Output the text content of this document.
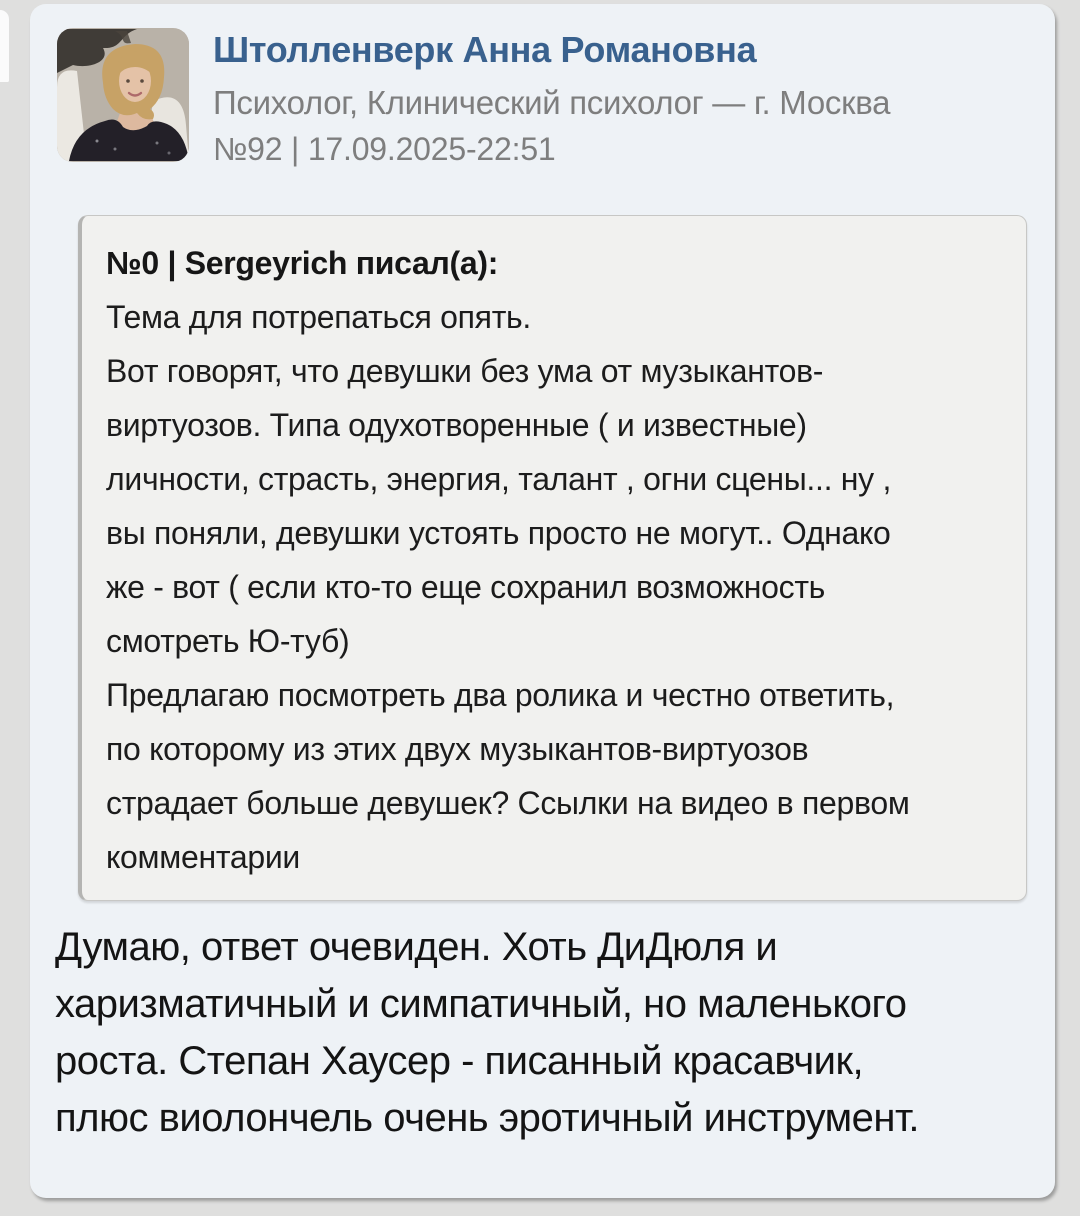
Штолленверк Анна Романовна
Психолог, Клинический психолог — г. Москва
№92 | 17.09.2025-22:51
№0 | Sergeyrich писал(а):
Тема для потрепаться опять.
Вот говорят, что девушки без ума от музыкантов-
виртуозов. Типа одухотворенные ( и известные)
личности, страсть, энергия, талант , огни сцены... ну ,
вы поняли, девушки устоять просто не могут.. Однако
же - вот ( если кто-то еще сохранил возможность
смотреть Ю-туб)
Предлагаю посмотреть два ролика и честно ответить,
по которому из этих двух музыкантов-виртуозов
страдает больше девушек? Ссылки на видео в первом
комментарии
Думаю, ответ очевиден. Хоть ДиДюля и
харизматичный и симпатичный, но маленького
роста. Степан Хаусер - писанный красавчик,
плюс виолончель очень эротичный инструмент.
